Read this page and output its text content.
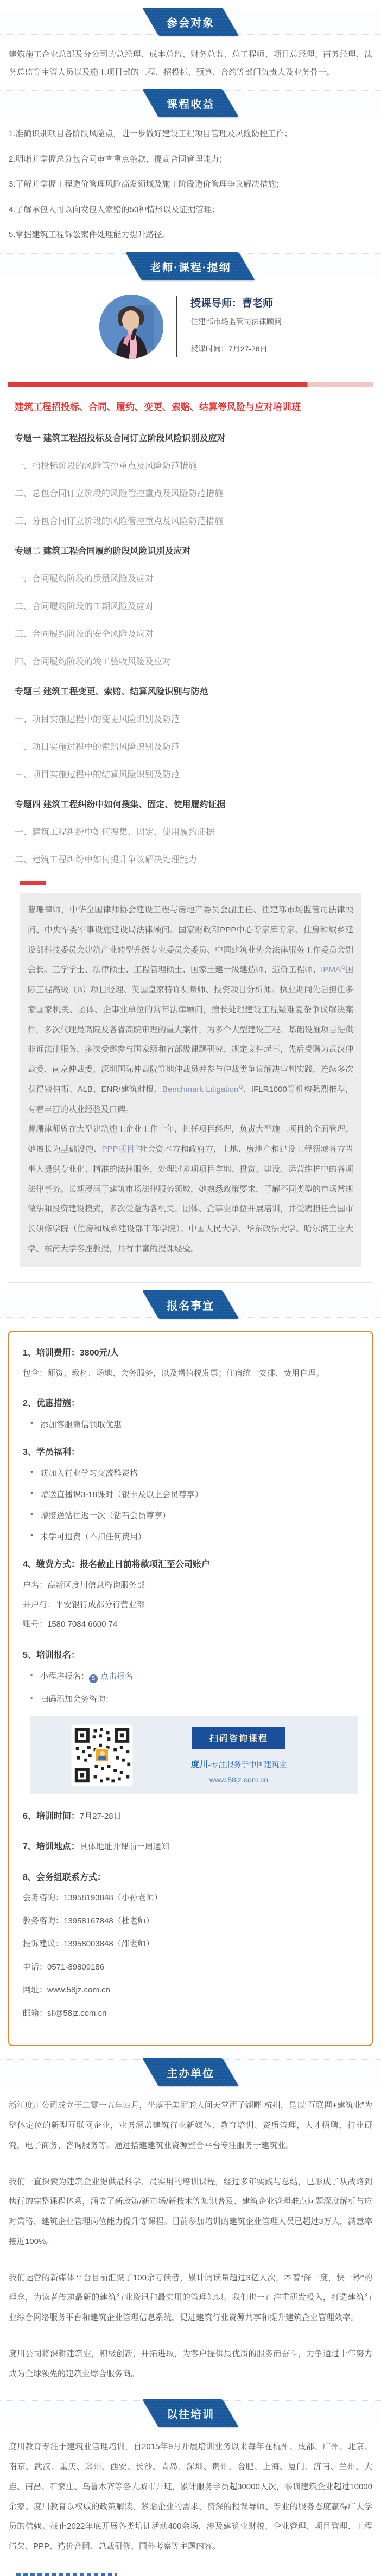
参会对象

建筑施工企业总部及分公司的总经理、成本总监、财务总监、总工程师、项目总经理、商务经理、法务总监等主管人员以及施工项目部的工程、招投标、预算、合约等部门负责人及业务骨干。

课程收益

1.准确识别项目各阶段风险点，进一步做好建设工程项目管理及风险防控工作；

2.明晰并掌握总分包合同审查重点条款，提高合同管理能力；

3.了解并掌握工程造价管理风险高发领域及施工阶段造价管理争议解决措施；

4.了解承包人可以向发包人索赔的50种情形以及证据管理；

5.掌握建筑工程诉讼案件处理能力提升路径。

老师·课程·提纲
授课导师：曹老师

住建部市场监管司法律顾问

授课时间：7月27-28日

建筑工程招投标、合同、履约、变更、索赔、结算等风险与应对培训班
专题一 建筑工程招投标及合同订立阶段风险识别及应对

一、招投标阶段的风险管控重点及风险防范措施

二、总包合同订立阶段的风险管控重点及风险防范措施

三、分包合同订立阶段的风险管控重点及风险防范措施

专题二 建筑工程合同履约阶段风险识别及应对

一、合同履约阶段的质量风险及应对

二、合同履约阶段的工期风险及应对

三、合同履约阶段的安全风险及应对

四、合同履约阶段的竣工验收风险及应对

专题三 建筑工程变更、索赔、结算风险识别与防范

一、项目实施过程中的变更风险识别及防范

二、项目实施过程中的索赔风险识别及防范

三、项目实施过程中的结算风险识别及防范

专题四 建筑工程纠纷中如何搜集、固定、使用履约证据

一、建筑工程纠纷中如何搜集、固定、使用履约证据

二、建筑工程纠纷中如何提升争议解决处理能力

曹珊律师，中华全国律师协会建设工程与房地产委员会副主任、住建部市场监管司法律顾问、中央军委军事设施建设局法律顾问、国家财政部PPP中心专家库专家、住房和城乡建设部科技委员会建筑产业转型升级专业委员会委员、中国建筑业协会法律服务工作委员会副会长。工学学士、法律硕士、工程管理硕士、国家土建一级建造师、造价工程师、IPMA Q 国际工程高级（B）项目经理、英国皇家特许测量师、投资项目分析师。执业期间先后担任多家国家机关、团体、企事业单位的常年法律顾问，擅长处理建设工程疑难复杂争议解决案件，多次代理最高院及各省高院审理的重大案件，为多个大型建设工程、基础设施项目提供非诉法律服务，多次受邀参与国家级和省部级课题研究、规定文件起草，先后受聘为武汉仲裁委、南京仲裁委、深圳国际仲裁院等地仲裁员并参与仲裁类争议解决审判实践，连续多次获得钱伯斯、ALB、ENR/建筑时报、Benchmark Litigation Q 、IFLR1000等机构强烈推荐，有着丰富的从业经验及口碑。

曹珊律师曾在大型建筑施工企业工作十年，担任项目经理，负责大型施工项目的全面管理。她擅长为基础设施、PPP项目 Q 社会资本方和政府方，土地、房地产和建设工程领域各方当事人提供专业化、精准的法律服务，处理过多项项目拿地、投资、建设、运营维护中的各项法律事务。长期浸润于建筑市场法律服务领域，她熟悉政策要求，了解不同类型的市场常规做法和投资建设模式，多次受邀为各机关、团体、企事业单位开展培训，并受聘担任全国市长研修学院（住房和城乡建设部干部学院）、中国人民大学、华东政法大学、哈尔滨工业大学、东南大学客座教授，具有丰富的授课经验。

报名事宜

1、培训费用：3800元/人

包含：师资、教材、场地、会务服务，以及增值税发票；住宿统一安排、费用自理。

2、优惠措施：

• 添加客服微信领取优惠

3、学员福利：

• 获加入行业学习交流群资格
• 赠送直播课3-18课时（银卡及以上会员尊享）
• 赠接送站往返一次（钻石会员尊享）
• 未学可退费（不扣任何费用）

4、缴费方式：报名截止日前将款项汇至公司账户

户名：高新区度川信息咨询服务部

开户行：平安银行成都分行营业部

账号：1580 7084 6600 74

5、培训报名：

▪ 小程序报名： S 点击报名
▪ 扫码添加会务咨询：
扫码咨询课程
度川-专注服务于中国建筑业
www.58jz.com.cn

6、培训时间：7月27-28日

7、培训地点：具体地址开课前一周通知

8、会务组联系方式：

会务咨询：13958193848（小孙老师）

教务咨询：13958167848（杜老师）

投诉建议：13958003848（邵老师）

电话：0571-89809186

网址：www.58jz.com.cn

邮箱：sll@58jz.com.cn

主办单位

浙江度川公司成立于二零一五年四月，坐落于美丽的人间天堂西子湖畔·杭州，是以“互联网+建筑业”为整体定位的新型互联网企业，业务涵盖建筑行业新媒体、教育培训、资质管理，人才招聘，行业研究，电子商务、咨询服务等。通过搭建建筑业资源整合平台专注服务于建筑业。

我们一直探索为建筑企业提供最科学、最实用的培训课程，经过多年实践与总结，已形成了从战略到执行的完整课程体系，涵盖了新政策/新市场/新技术等知识普及、建筑企业管理难点问题深度解析与应对策略、建筑企业管理岗位能力提升等课程。目前参加培训的建筑企业管理人员已超过3万人，满意率接近100%。

我们运营的新媒体平台目前汇聚了100余万读者，累计阅读量超过3亿人次，本着“深一度，快一秒”的理念，为读者传递最新的建筑行业资讯和最实用的管理知识。我们也一直注重研发投入，打造建筑行业综合网络服务平台和建筑企业管理信息系统，促进建筑行业资源共享和提升建筑企业管理效率。

度川公司将深耕建筑业，积极创新，开拓进取，为客户提供最优质的服务而奋斗，力争通过十年努力成为全球领先的建筑业综合服务商。

以往培训

度川教育专注于建筑业管理培训，自2015年9月开展培训业务以来每年在杭州、成都、广州、北京、南京、武汉、重庆、郑州、西安、长沙、青岛、深圳、贵州、合肥、上海、厦门、济南、兰州、大连、南昌、石家庄、乌鲁木齐等各大城市开班，累计服务学员超30000人次，参训建筑企业超过10000余家。度川教育以权威的政策解读、紧贴企业的需求、资深的授课导师、专业的服务态度赢得广大学员的信赖。截止2022年底开展各类培训活动400余场，涉及建筑业财税、企业管理、项目管理、工程清欠、PPP、造价合同、总裁研修、国外考察等主题内容。
